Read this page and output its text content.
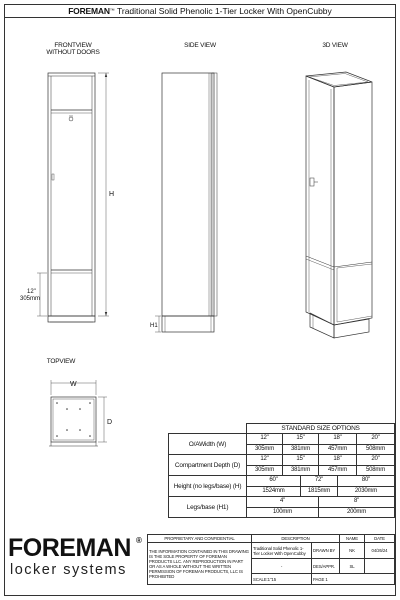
FOREMAN™ Traditional Solid Phenolic 1-Tier Locker With OpenCubby
FRONTVIEW
WITHOUT DOORS
SIDE VIEW	3D VIEW
TOPVIEW
H
12"
305mm
H1
W
D
	STANDARD SIZE OPTIONS					
O/AWidth (W)	12"	15"		18"		20"
	305mm	381mm		457mm		508mm
Compartment Depth (D)	12"	15"		18"		20"
	305mm	381mm		457mm		508mm
Height (no legs/base) (H)	60"		72"		80"	
	1524mm		1815mm		2030mm	
Legs/base (H1)	4"			8"		
	100mm			200mm		
FOREMAN ®
locker systems
PROPRIETARY AND CONFIDENTIAL	DESCRIPTION		NAME	DATE
THE INFORMATION CONTAINED IN THIS DRAWING IS THE SOLE PROPERTY OF FOREMAN PRODUCTS LLC. ANY REPRODUCTION IN PART OR AS A WHOLE WITHOUT THE WRITTEN PERMISSION OF FOREMAN PRODUCTS, LLC IS PROHIBITED	Traditional Solid Phenolic 1-Tier Locker With OpenCubby	DRAWN BY	NK	04/26/24
	-	DES/APPR.	SL	
	SCALE:1"15	PAGE 1		
